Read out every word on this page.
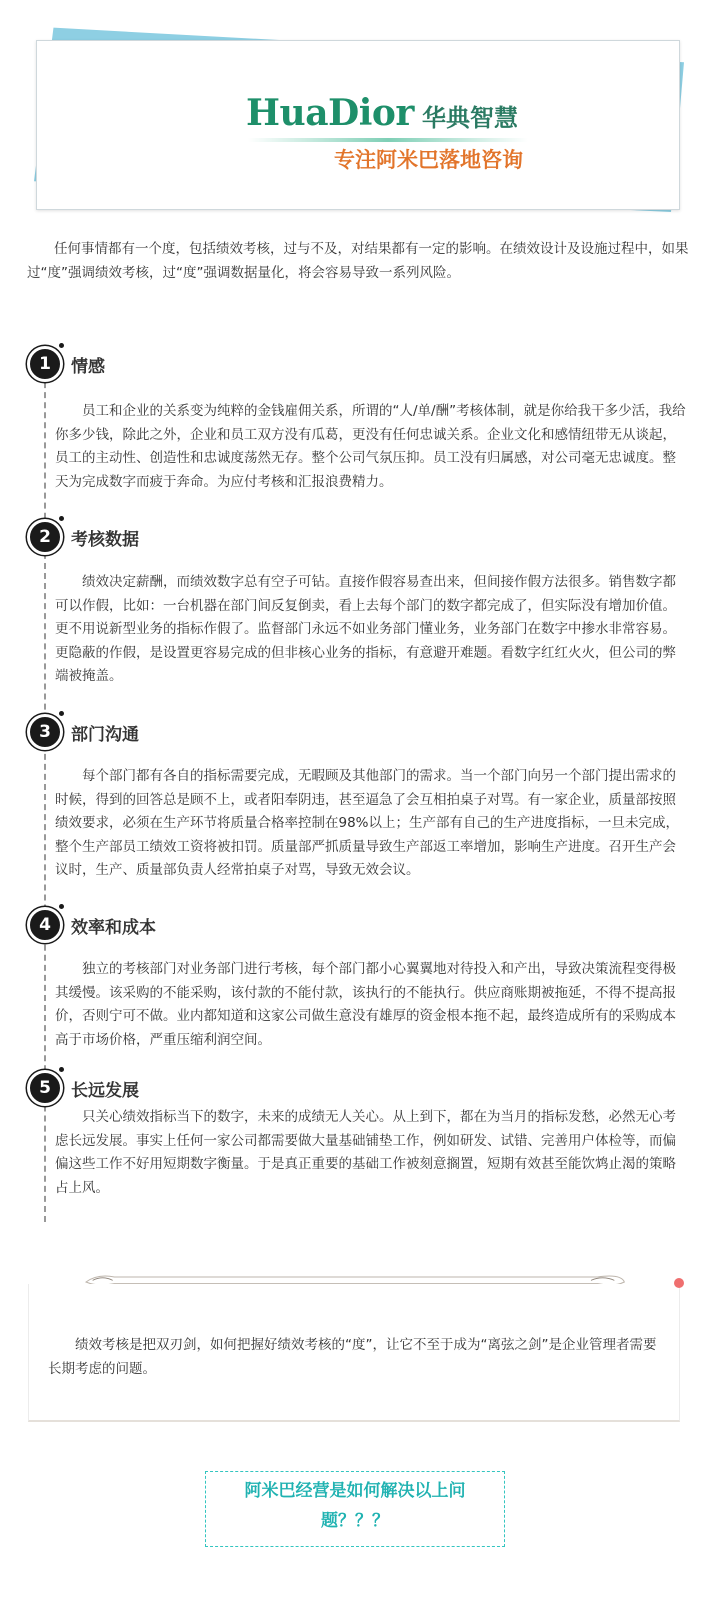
HuaDior 华典智慧
专注阿米巴落地咨询

任何事情都有一个度，包括绩效考核，过与不及，对结果都有一定的影响。在绩效设计及设施过程中，如果过“度”强调绩效考核，过“度”强调数据量化，将会容易导致一系列风险。

1	情感

员工和企业的关系变为纯粹的金钱雇佣关系，所谓的“人/单/酬”考核体制，就是你给我干多少活，我给你多少钱，除此之外，企业和员工双方没有瓜葛，更没有任何忠诚关系。企业文化和感情纽带无从谈起，员工的主动性、创造性和忠诚度荡然无存。整个公司气氛压抑。员工没有归属感，对公司毫无忠诚度。整天为完成数字而疲于奔命。为应付考核和汇报浪费精力。

2	考核数据

绩效决定薪酬，而绩效数字总有空子可钻。直接作假容易查出来，但间接作假方法很多。销售数字都可以作假，比如：一台机器在部门间反复倒卖，看上去每个部门的数字都完成了，但实际没有增加价值。更不用说新型业务的指标作假了。监督部门永远不如业务部门懂业务，业务部门在数字中掺水非常容易。更隐蔽的作假，是设置更容易完成的但非核心业务的指标，有意避开难题。看数字红红火火，但公司的弊端被掩盖。

3	部门沟通

每个部门都有各自的指标需要完成，无暇顾及其他部门的需求。当一个部门向另一个部门提出需求的时候，得到的回答总是顾不上，或者阳奉阴违，甚至逼急了会互相拍桌子对骂。有一家企业，质量部按照绩效要求，必须在生产环节将质量合格率控制在98%以上；生产部有自己的生产进度指标，一旦未完成，整个生产部员工绩效工资将被扣罚。质量部严抓质量导致生产部返工率增加，影响生产进度。召开生产会议时，生产、质量部负责人经常拍桌子对骂，导致无效会议。

4	效率和成本

独立的考核部门对业务部门进行考核，每个部门都小心翼翼地对待投入和产出，导致决策流程变得极其缓慢。该采购的不能采购，该付款的不能付款，该执行的不能执行。供应商账期被拖延，不得不提高报价，否则宁可不做。业内都知道和这家公司做生意没有雄厚的资金根本拖不起，最终造成所有的采购成本高于市场价格，严重压缩利润空间。

5	长远发展

只关心绩效指标当下的数字，未来的成绩无人关心。从上到下，都在为当月的指标发愁，必然无心考虑长远发展。事实上任何一家公司都需要做大量基础铺垫工作，例如研发、试错、完善用户体检等，而偏偏这些工作不好用短期数字衡量。于是真正重要的基础工作被刻意搁置，短期有效甚至能饮鸩止渴的策略占上风。

绩效考核是把双刃剑，如何把握好绩效考核的“度”，让它不至于成为“离弦之剑”是企业管理者需要长期考虑的问题。

阿米巴经营是如何解决以上问
题？？？
